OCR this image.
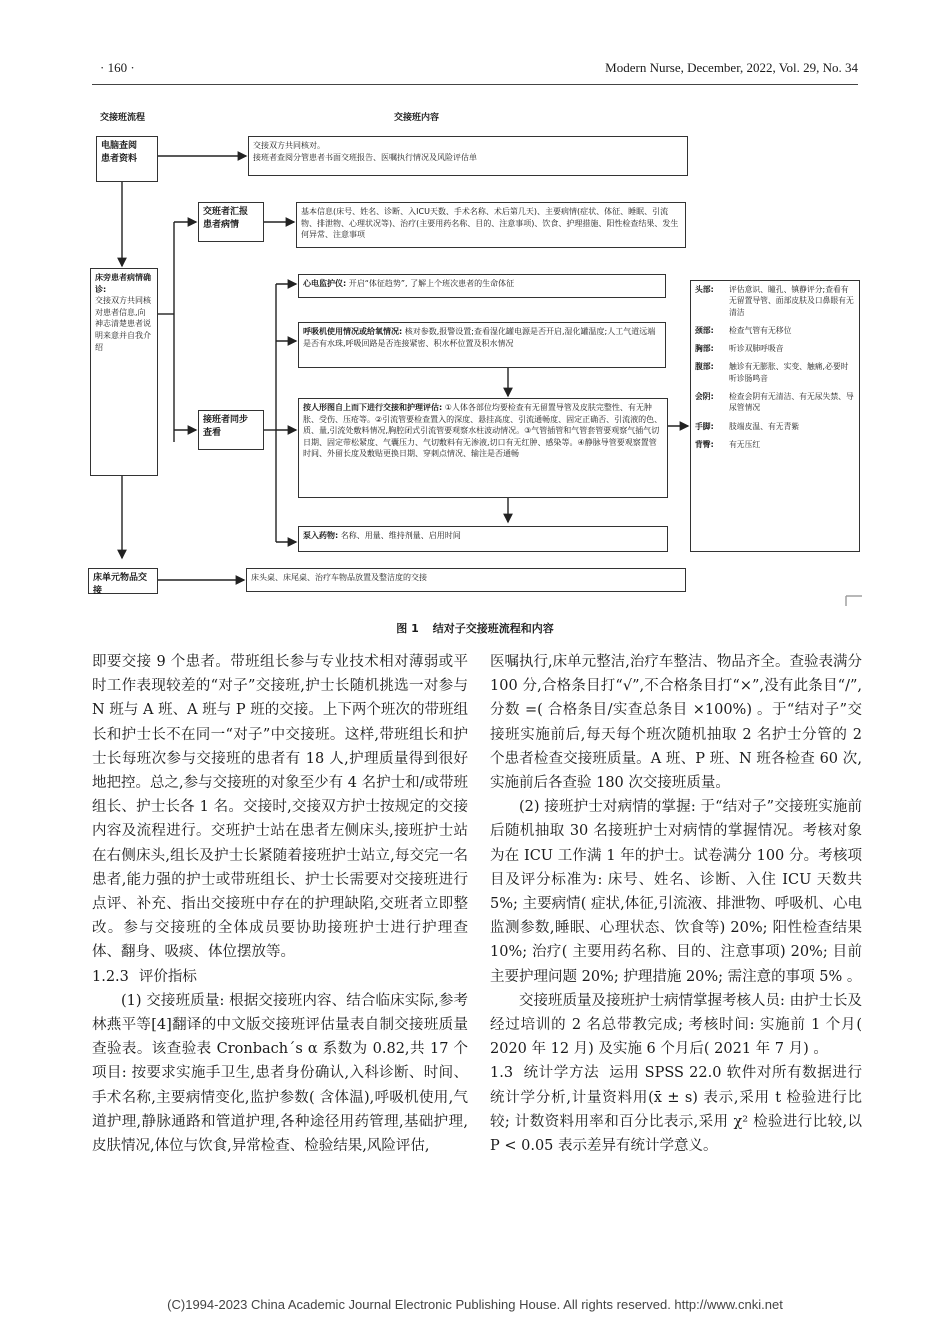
· 160 ·	Modern Nurse, December, 2022, Vol. 29, No. 34
交接班流程	交接班内容
电脑查阅
患者资料
交接双方共同核对。
接班者查阅分管患者书面交班报告、医嘱执行情况及风险评估单
交班者汇报
患者病情
基本信息(床号、姓名、诊断、入ICU天数、手术名称、术后第几天)、主要病情(症状、体征、睡眠、引流物、排泄物、心理状况等)、治疗(主要用药名称、目的、注意事项)、饮食、护理措施、阳性检查结果、发生何异常、注意事项
床旁患者病情确诊:
交接双方共同核对患者信息,向神志清楚患者说明来意并自我介绍
心电监护仪: 开启“体征趋势”, 了解上个班次患者的生命体征
呼吸机使用情况或给氧情况: 核对参数,报警设置;查看湿化罐电源是否开启,湿化罐温度;人工气道远端是否有水珠,呼吸回路是否连接紧密、积水杯位置及积水情况
接班者同步
查看
按人形图自上而下进行交接和护理评估: ①人体各部位均要检查有无留置导管及皮肤完整性、有无肿胀、受伤、压疮等。②引流管要检查置入的深度、悬挂高度、引流通畅度、固定正确否、引流液的色、质、量,引流处敷料情况,胸腔闭式引流管要观察水柱波动情况。③气管插管和气管套管要观察气插气切日期、固定带松紧度、气囊压力、气切敷料有无渗液,切口有无红肿、感染等。④静脉导管要观察置管时间、外留长度及敷贴更换日期、穿刺点情况、输注是否通畅
泵入药物: 名称、用量、维持剂量、启用时间
头部:	评估意识、瞳孔、镇静评分;查看有无留置导管、面部皮肤及口鼻眼有无清洁
颈部:	检查气管有无移位
胸部:	听诊双肺呼吸音
腹部:	触诊有无膨胀、实变、触痛,必要时听诊肠鸣音
会阴:	检查会阴有无清洁、有无尿失禁、导尿管情况
手脚:	肢端皮温、有无青紫
背臀:	有无压红
床单元物品交接
床头桌、床尾桌、治疗车物品放置及整洁度的交接
图 1 结对子交接班流程和内容

即要交接 9 个患者。带班组长参与专业技术相对薄弱或平时工作表现较差的“对子”交接班,护士长随机挑选一对参与 N 班与 A 班、A 班与 P 班的交接。上下两个班次的带班组长和护士长不在同一“对子”中交接班。这样,带班组长和护士长每班次参与交接班的患者有 18 人,护理质量得到很好地把控。总之,参与交接班的对象至少有 4 名护士和/或带班组长、护士长各 1 名。交接时,交接双方护士按规定的交接内容及流程进行。交班护士站在患者左侧床头,接班护士站在右侧床头,组长及护士长紧随着接班护士站立,每交完一名患者,能力强的护士或带班组长、护士长需要对交接班进行点评、补充、指出交接班中存在的护理缺陷,交班者立即整改。参与交接班的全体成员要协助接班护士进行护理查体、翻身、吸痰、体位摆放等。

1.2.3 评价指标

(1) 交接班质量: 根据交接班内容、结合临床实际,参考林燕平等[4]翻译的中文版交接班评估量表自制交接班质量查验表。该查验表 Cronbach´s α 系数为 0.82,共 17 个项目: 按要求实施手卫生,患者身份确认,入科诊断、时间、手术名称,主要病情变化,监护参数( 含体温),呼吸机使用,气道护理,静脉通路和管道护理,各种途径用药管理,基础护理,皮肤情况,体位与饮食,异常检查、检验结果,风险评估,

医嘱执行,床单元整洁,治疗车整洁、物品齐全。查验表满分 100 分,合格条目打“√”,不合格条目打“×”,没有此条目“/”,分数 =( 合格条目/实查总条目 ×100%) 。于“结对子”交接班实施前后,每天每个班次随机抽取 2 名护士分管的 2 个患者检查交接班质量。A 班、P 班、N 班各检查 60 次,实施前后各查验 180 次交接班质量。

(2) 接班护士对病情的掌握: 于“结对子”交接班实施前后随机抽取 30 名接班护士对病情的掌握情况。考核对象为在 ICU 工作满 1 年的护士。试卷满分 100 分。考核项目及评分标准为: 床号、姓名、诊断、入住 ICU 天数共 5%; 主要病情( 症状,体征,引流液、排泄物、呼吸机、心电监测参数,睡眠、心理状态、饮食等) 20%; 阳性检查结果 10%; 治疗( 主要用药名称、目的、注意事项) 20%; 目前主要护理问题 20%; 护理措施 20%; 需注意的事项 5% 。

交接班质量及接班护士病情掌握考核人员: 由护士长及经过培训的 2 名总带教完成; 考核时间: 实施前 1 个月( 2020 年 12 月) 及实施 6 个月后( 2021 年 7 月) 。

1.3 统计学方法 运用 SPSS 22.0 软件对所有数据进行统计学分析,计量资料用(x̄ ± s) 表示,采用 t 检验进行比较; 计数资料用率和百分比表示,采用 χ² 检验进行比较,以 P < 0.05 表示差异有统计学意义。

(C)1994-2023 China Academic Journal Electronic Publishing House. All rights reserved. http://www.cnki.net
